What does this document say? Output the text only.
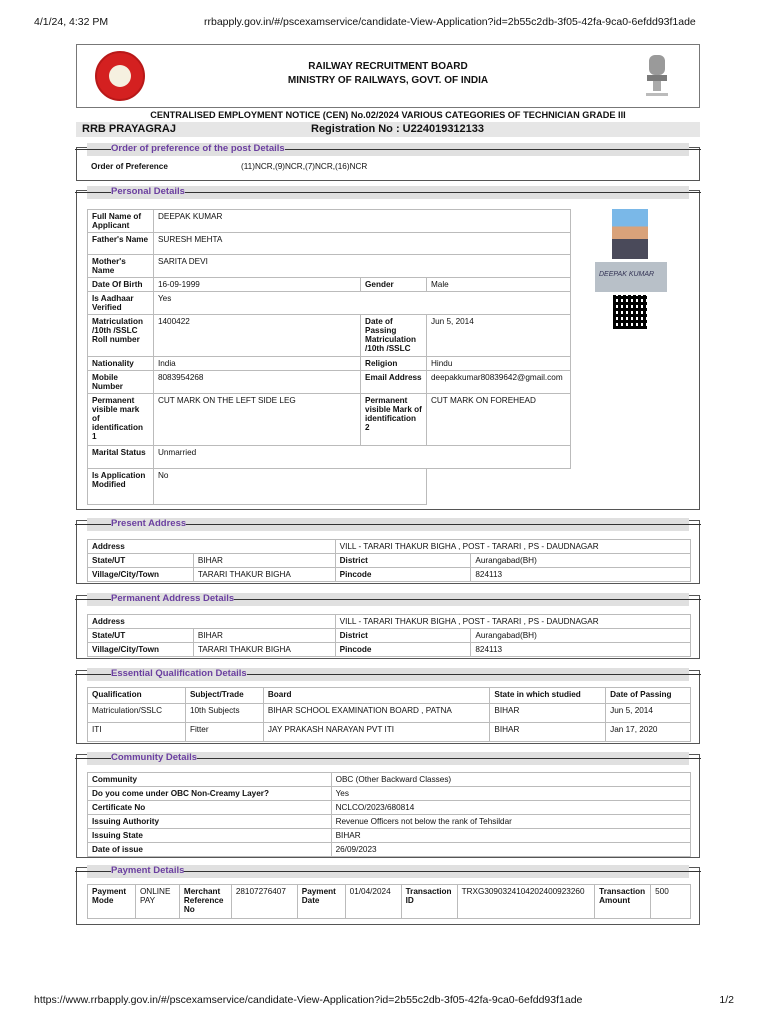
4/1/24, 4:32 PM	rrbapply.gov.in/#/pscexamservice/candidate-View-Application?id=2b55c2db-3f05-42fa-9ca0-6efdd93f1ade
RAILWAY RECRUITMENT BOARD
MINISTRY OF RAILWAYS, GOVT. OF INDIA
CENTRALISED EMPLOYMENT NOTICE (CEN) No.02/2024 VARIOUS CATEGORIES OF TECHNICIAN GRADE III
RRB PRAYAGRAJ	Registration No : U224019312133
Order of preference of the post Details
Order of Preference	(11)NCR,(9)NCR,(7)NCR,(16)NCR
Personal Details
Full Name of Applicant	DEEPAK KUMAR		
Father's Name	SURESH MEHTA		
Mother's Name	SARITA DEVI		
Date Of Birth	16-09-1999	Gender	Male
Is Aadhaar Verified	Yes		
Matriculation /10th /SSLC Roll number	1400422	Date of Passing Matriculation /10th /SSLC	Jun 5, 2014
Nationality	India	Religion	Hindu
Mobile Number	8083954268	Email Address	deepakkumar80839642@gmail.com
Permanent visible mark of identification 1	CUT MARK ON THE LEFT SIDE LEG	Permanent visible Mark of identification 2	CUT MARK ON FOREHEAD
Marital Status	Unmarried		
Is Application Modified	No		
DEEPAK KUMAR
Present Address
Address		VILL - TARARI THAKUR BIGHA , POST - TARARI , PS - DAUDNAGAR	
State/UT	BIHAR	District	Aurangabad(BH)
Village/City/Town	TARARI THAKUR BIGHA	Pincode	824113
Permanent Address Details
Address		VILL - TARARI THAKUR BIGHA , POST - TARARI , PS - DAUDNAGAR	
State/UT	BIHAR	District	Aurangabad(BH)
Village/City/Town	TARARI THAKUR BIGHA	Pincode	824113
Essential Qualification Details
Qualification	Subject/Trade	Board	State in which studied	Date of Passing
Matriculation/SSLC	10th Subjects	BIHAR SCHOOL EXAMINATION BOARD , PATNA	BIHAR	Jun 5, 2014
ITI	Fitter	JAY PRAKASH NARAYAN PVT ITI	BIHAR	Jan 17, 2020
Community Details
Community	OBC (Other Backward Classes)
Do you come under OBC Non-Creamy Layer?	Yes
Certificate No	NCLCO/2023/680814
Issuing Authority	Revenue Officers not below the rank of Tehsildar
Issuing State	BIHAR
Date of issue	26/09/2023
Payment Details
Payment Mode	ONLINE PAY	Merchant Reference No	28107276407	Payment Date	01/04/2024	Transaction ID	TRXG309032410420240​0923260	Transaction Amount	500
https://www.rrbapply.gov.in/#/pscexamservice/candidate-View-Application?id=2b55c2db-3f05-42fa-9ca0-6efdd93f1ade	1/2
